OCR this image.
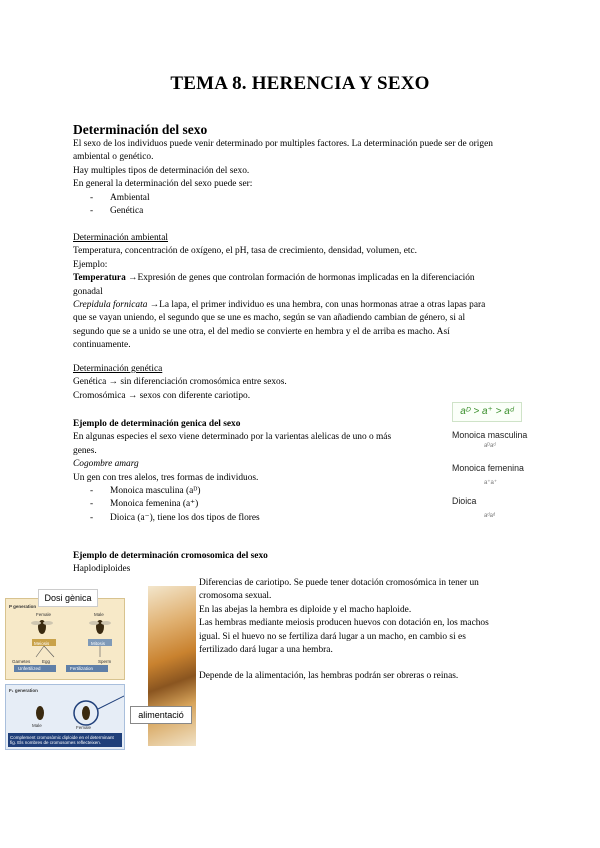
TEMA 8. HERENCIA Y SEXO
Determinación del sexo
El sexo de los individuos puede venir determinado por multiples factores. La determinación puede ser de origen
ambiental o genético.
Hay multiples tipos de determinación del sexo.
En general la determinación del sexo puede ser:
- Ambiental
- Genética
Determinación ambiental
Temperatura, concentración de oxígeno, el pH, tasa de crecimiento, densidad, volumen, etc.
Ejemplo:
Temperatura →Expresión de genes que controlan formación de hormonas implicadas en la diferenciación
gonadal
Crepidula fornicata →La lapa, el primer individuo es una hembra, con unas hormonas atrae a otras lapas para
que se vayan uniendo, el segundo que se une es macho, según se van añadiendo cambian de género, si al
segundo que se a unido se une otra, el del medio se convierte en hembra y el de arriba es macho. Así
continuamente.
Determinación genética
Genética → sin diferenciación cromosómica entre sexos.
Cromosómica → sexos con diferente cariotipo.
Ejemplo de determinación genica del sexo
En algunas especies el sexo viene determinado por la varientas alelicas de uno o más
genes.
Cogombre amarg
Un gen con tres alelos, tres formas de individuos.
- Monoica masculina (aᴰ)
- Monoica femenina (a⁺)
- Dioica (a⁻), tiene los dos tipos de flores
aᴰ > a⁺ > aᵈ
Monoica masculina
aᴰaᵈ
Monoica femenina
a⁺a⁺
Dioica
aᵈaᵈ
Ejemplo de determinación cromosomica del sexo
Haplodiploides
Diferencias de cariotipo. Se puede tener dotación cromosómica in tener un
cromosoma sexual.
En las abejas la hembra es diploide y el macho haploide.
Las hembras mediante meiosis producen huevos con dotación en, los machos
igual. Si el huevo no se fertiliza dará lugar a un macho, en cambio si es
fertilizado dará lugar a una hembra.
Depende de la alimentación, las hembras podrán ser obreras o reinas.
P generation
Female	Male
Meiosis	Mitosis
Gametes	Egg	Sperm
Unfertilized	Fertilization
Dosi gènica
F₁ generation
Male	Female
Complement cromosòmic diploide en el determinant fig. Els nombres de cromosomes reflecteixen.
alimentació
